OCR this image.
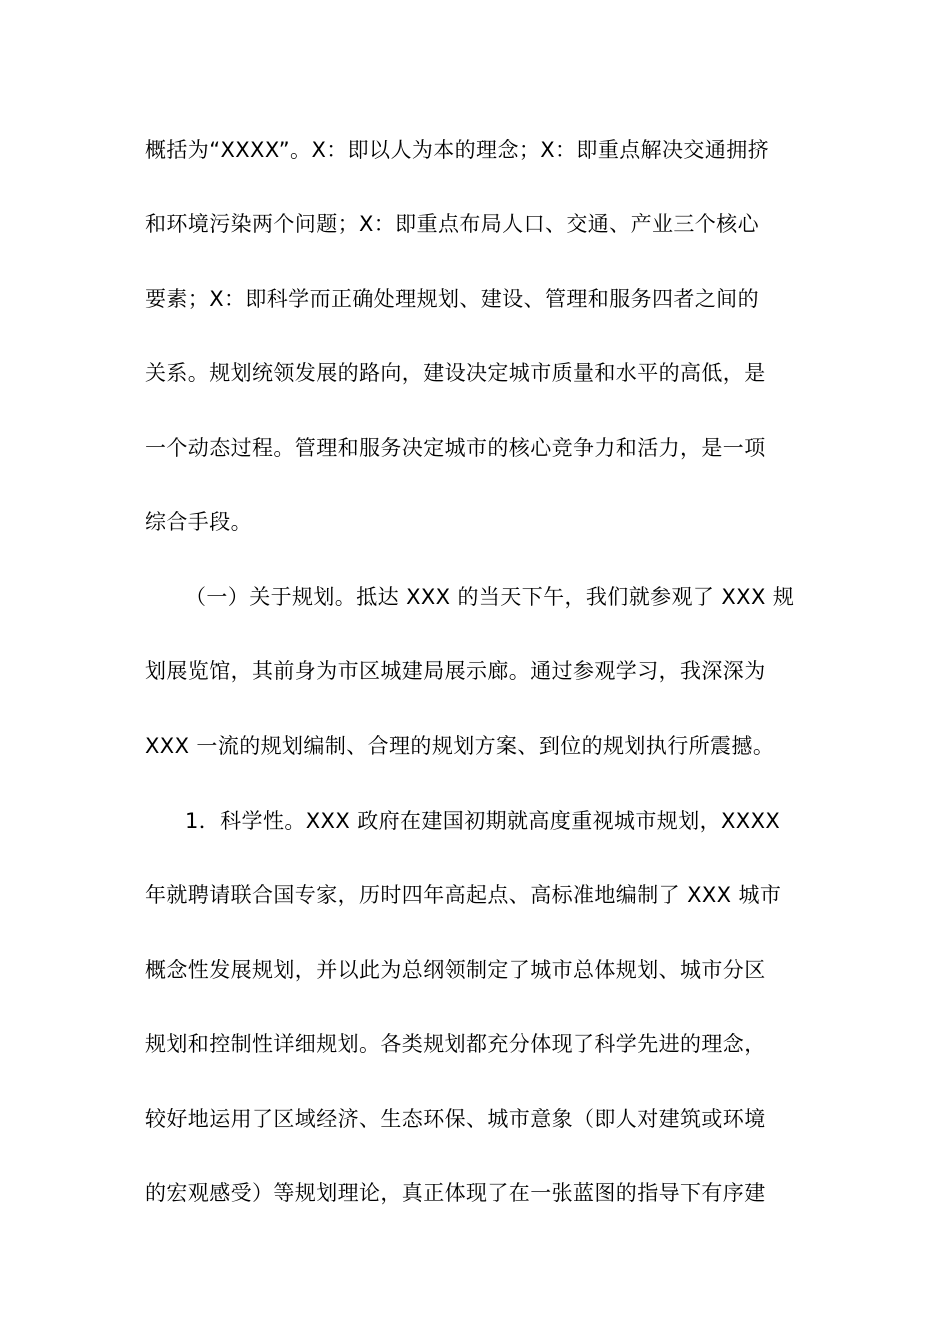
概括为“XXXX”。X：即以人为本的理念；X：即重点解决交通拥挤
和环境污染两个问题；X：即重点布局人口、交通、产业三个核心
要素；X：即科学而正确处理规划、建设、管理和服务四者之间的
关系。规划统领发展的路向，建设决定城市质量和水平的高低，是
一个动态过程。管理和服务决定城市的核心竞争力和活力，是一项
综合手段。
（一）关于规划。抵达 XXX 的当天下午，我们就参观了 XXX 规
划展览馆，其前身为市区城建局展示廊。通过参观学习，我深深为
XXX 一流的规划编制、合理的规划方案、到位的规划执行所震撼。
1．科学性。XXX 政府在建国初期就高度重视城市规划，XXXX
年就聘请联合国专家，历时四年高起点、高标准地编制了 XXX 城市
概念性发展规划，并以此为总纲领制定了城市总体规划、城市分区
规划和控制性详细规划。各类规划都充分体现了科学先进的理念，
较好地运用了区域经济、生态环保、城市意象（即人对建筑或环境
的宏观感受）等规划理论，真正体现了在一张蓝图的指导下有序建
